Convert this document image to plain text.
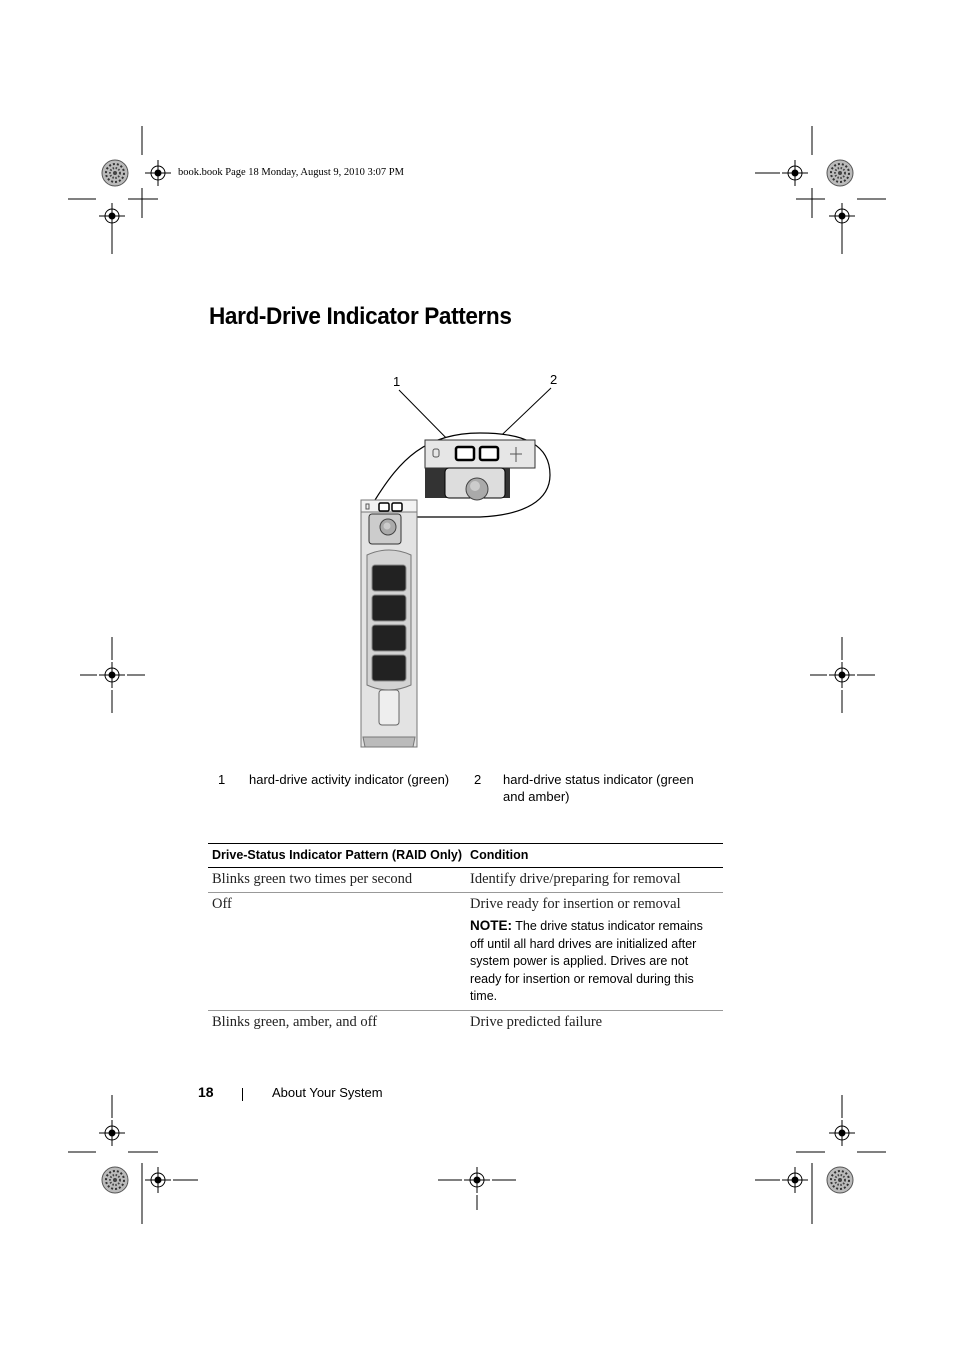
book.book Page 18 Monday, August 9, 2010 3:07 PM
Hard-Drive Indicator Patterns
1	2
1 hard-drive activity indicator (green)	2 hard-drive status indicator (green and amber)
Drive-Status Indicator Pattern (RAID Only)	Condition
Blinks green two times per second	Identify drive/preparing for removal
Off	Drive ready for insertion or removal
NOTE: The drive status indicator remains off until all hard drives are initialized after system power is applied. Drives are not ready for insertion or removal during this time.

Blinks green, amber, and off	Drive predicted failure
18	About Your System
